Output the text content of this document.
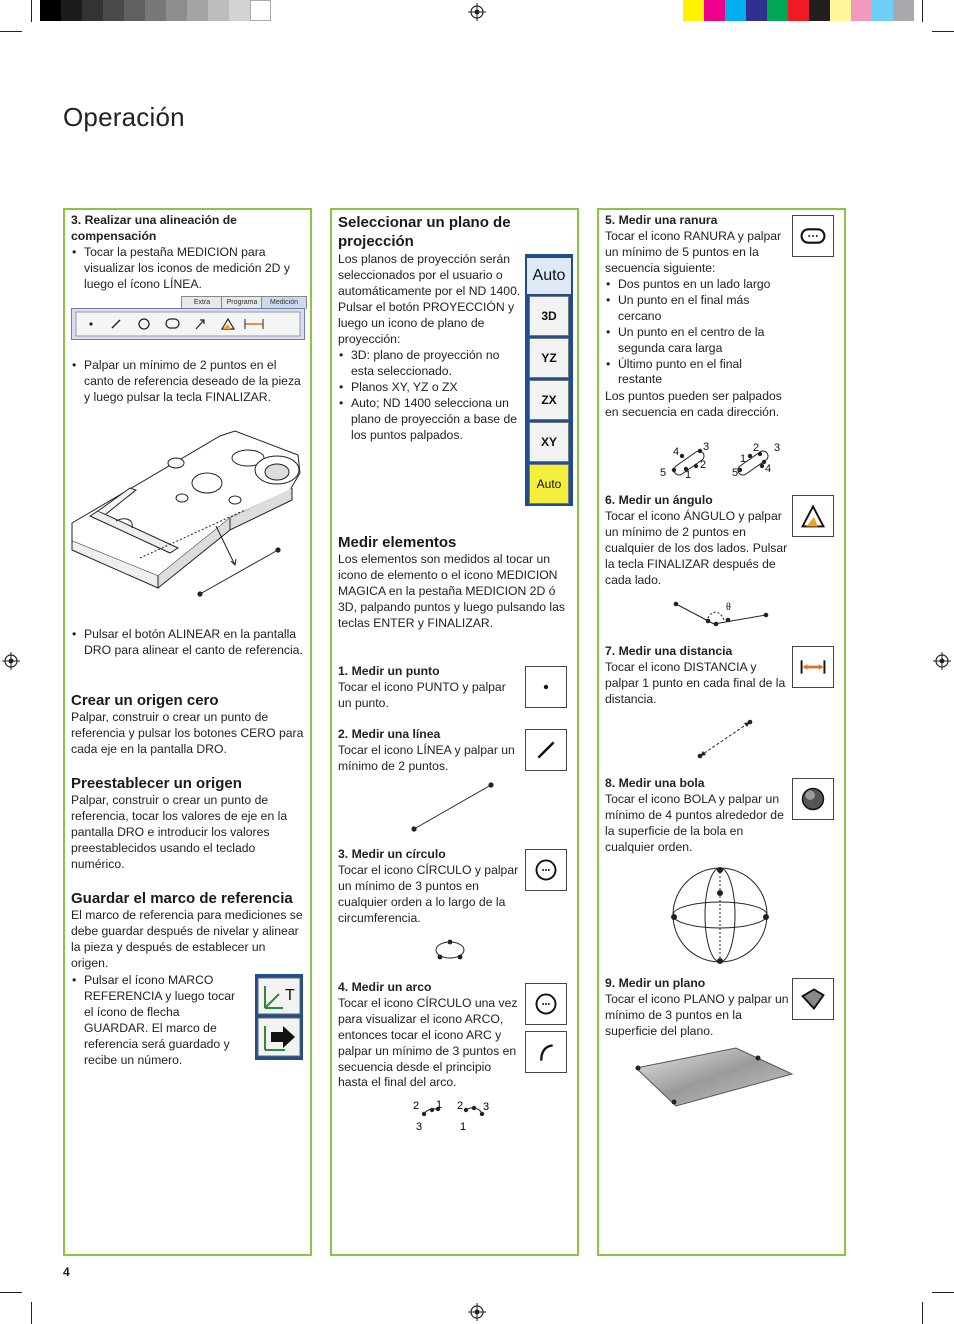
Operación

3. Realizar una alineación de compensación

• Tocar la pestaña MEDICION para visualizar los iconos de medición 2D y luego el ícono LÍNEA.
Extra	Programa	Medición
• Palpar un mínimo de 2 puntos en el canto de referencia deseado de la pieza y luego pulsar la tecla FINALIZAR.
• Pulsar el botón ALINEAR en la pantalla DRO para alinear el canto de referencia.
Crear un origen cero
Palpar, construir o crear un punto de referencia y pulsar los botones CERO para cada eje en la pantalla DRO.
Preestablecer un origen
Palpar, construir o crear un punto de referencia, tocar los valores de eje en la pantalla DRO e introducir los valores preestablecidos usando el teclado numérico.
Guardar el marco de referencia
El marco de referencia para mediciones se debe guardar después de nivelar y alinear la pieza y después de establecer un origen.
• Pulsar el ícono MARCO REFERENCIA y luego tocar el ícono de flecha GUARDAR. El marco de referencia será guardado y recibe un número.
T
Seleccionar un plano de projección
Los planos de proyección serán seleccionados por el usuario o automáticamente por el ND 1400. Pulsar el botón PROYECCIÓN y luego un icono de plano de proyección:
• 3D: plano de proyección no esta seleccionado.
• Planos XY, YZ o ZX
• Auto; ND 1400 selecciona un plano de proyección a base de los puntos palpados.
Auto
3D
YZ
ZX
XY
Auto
Medir elementos
Los elementos son medidos al tocar un icono de elemento o el icono MEDICION MAGICA en la pestaña MEDICION 2D ó 3D, palpando puntos y luego pulsando las teclas ENTER y FINALIZAR.

1. Medir un punto

Tocar el icono PUNTO y palpar un punto.

2. Medir una línea

Tocar el icono LÍNEA y palpar un mínimo de 2 puntos.

3. Medir un círculo

Tocar el icono CÍRCULO y palpar un mínimo de 3 puntos en cualquier orden a lo largo de la circumferencia.

4. Medir un arco

Tocar el icono CÍRCULO una vez para visualizar el icono ARCO, entonces tocar el icono ARC y palpar un mínimo de 3 puntos en secuencia desde el principio hasta el final del arco.

2 1
3
2 3
1

5. Medir una ranura

Tocar el icono RANURA y palpar un mínimo de 5 puntos en la secuencia siguiente:

• Dos puntos en un lado largo
• Un punto en el final más cercano
• Un punto en el centro de la segunda cara larga
• Último punto en el final restante
Los puntos pueden ser palpados en secuencia en cada dirección.
4 3
2
5 1
2 3
1
5 4

6. Medir un ángulo

Tocar el icono ÁNGULO y palpar un mínimo de 2 puntos en cualquier de los dos lados. Pulsar la tecla FINALIZAR después de cada lado.

θ

7. Medir una distancia

Tocar el icono DISTANCIA y palpar 1 punto en cada final de la distancia.

8. Medir una bola

Tocar el icono BOLA y palpar un mínimo de 4 puntos alrededor de la superficie de la bola en cualquier orden.

9. Medir un plano

Tocar el icono PLANO y palpar un mínimo de 3 puntos en la superficie del plano.

4
